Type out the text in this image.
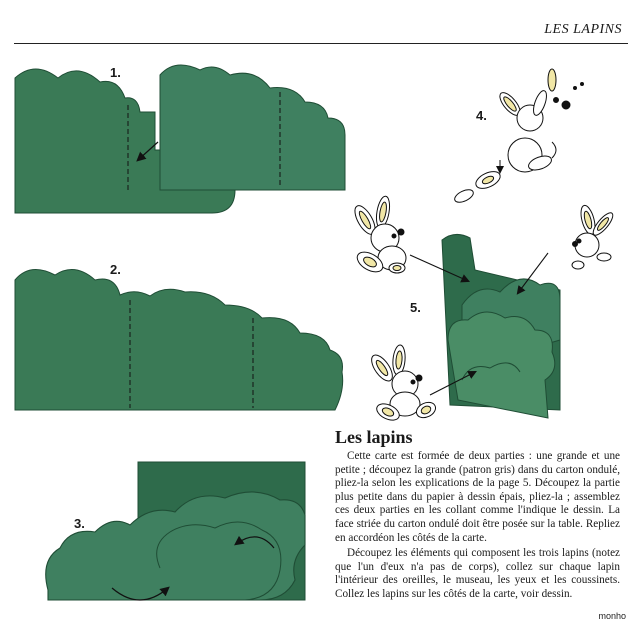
LES LAPINS
1.
2.
3.
4.
5.
Les lapins

Cette carte est formée de deux parties : une grande et une petite ; découpez la grande (patron gris) dans du carton ondulé, pliez-la selon les explications de la page 5. Découpez la partie plus petite dans du papier à dessin épais, pliez-la ; assemblez ces deux parties en les collant comme l'indique le dessin. La face striée du carton ondulé doit être posée sur la table. Repliez en accordéon les côtés de la carte.

Découpez les éléments qui composent les trois lapins (notez que l'un d'eux n'a pas de corps), collez sur chaque lapin l'intérieur des oreilles, le museau, les yeux et les coussinets. Collez les lapins sur les côtés de la carte, voir dessin.

monho
